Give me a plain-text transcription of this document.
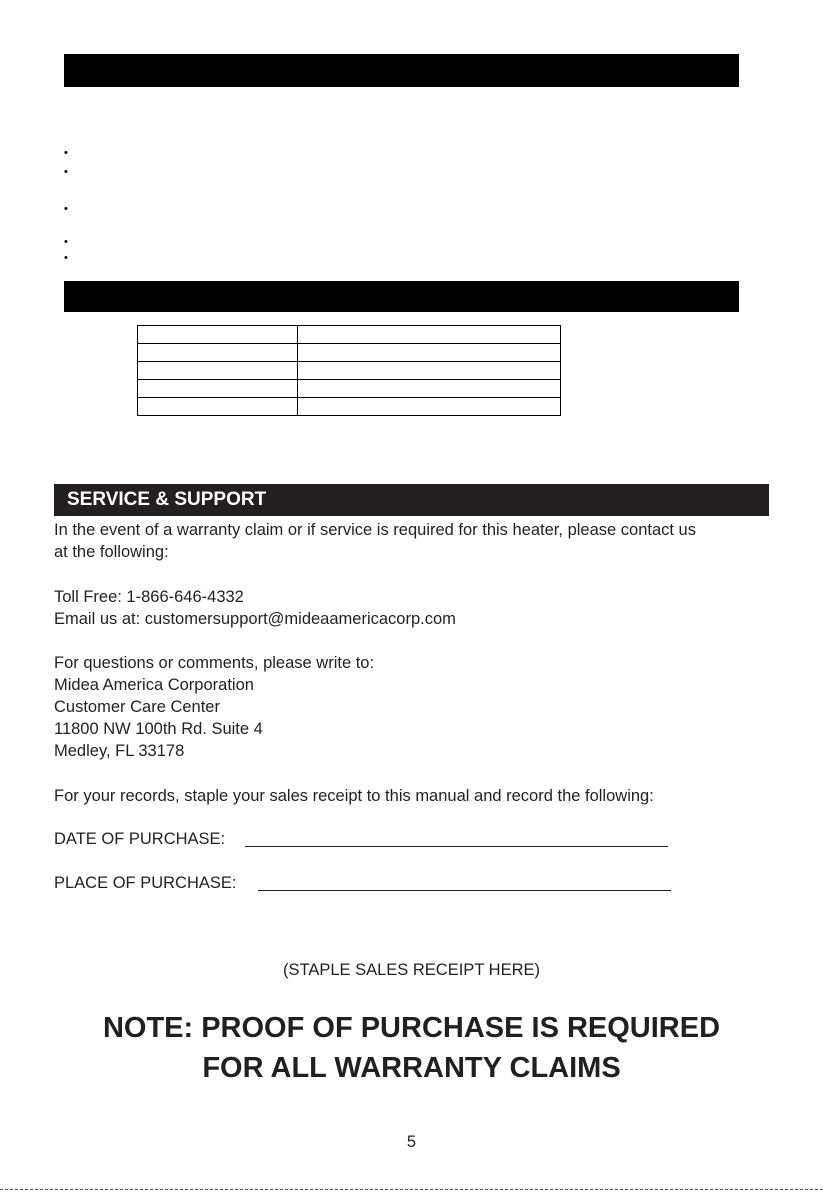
•
•
•
•
•

SERVICE & SUPPORT
In the event of a warranty claim or if service is required for this heater, please contact us
at the following:
Toll Free: 1-866-646-4332
Email us at: customersupport@mideaamericacorp.com
For questions or comments, please write to:
Midea America Corporation
Customer Care Center
11800 NW 100th Rd. Suite 4
Medley, FL 33178
For your records, staple your sales receipt to this manual and record the following:
DATE OF PURCHASE:
PLACE OF PURCHASE:
(STAPLE SALES RECEIPT HERE)
NOTE: PROOF OF PURCHASE IS REQUIRED
FOR ALL WARRANTY CLAIMS
5
